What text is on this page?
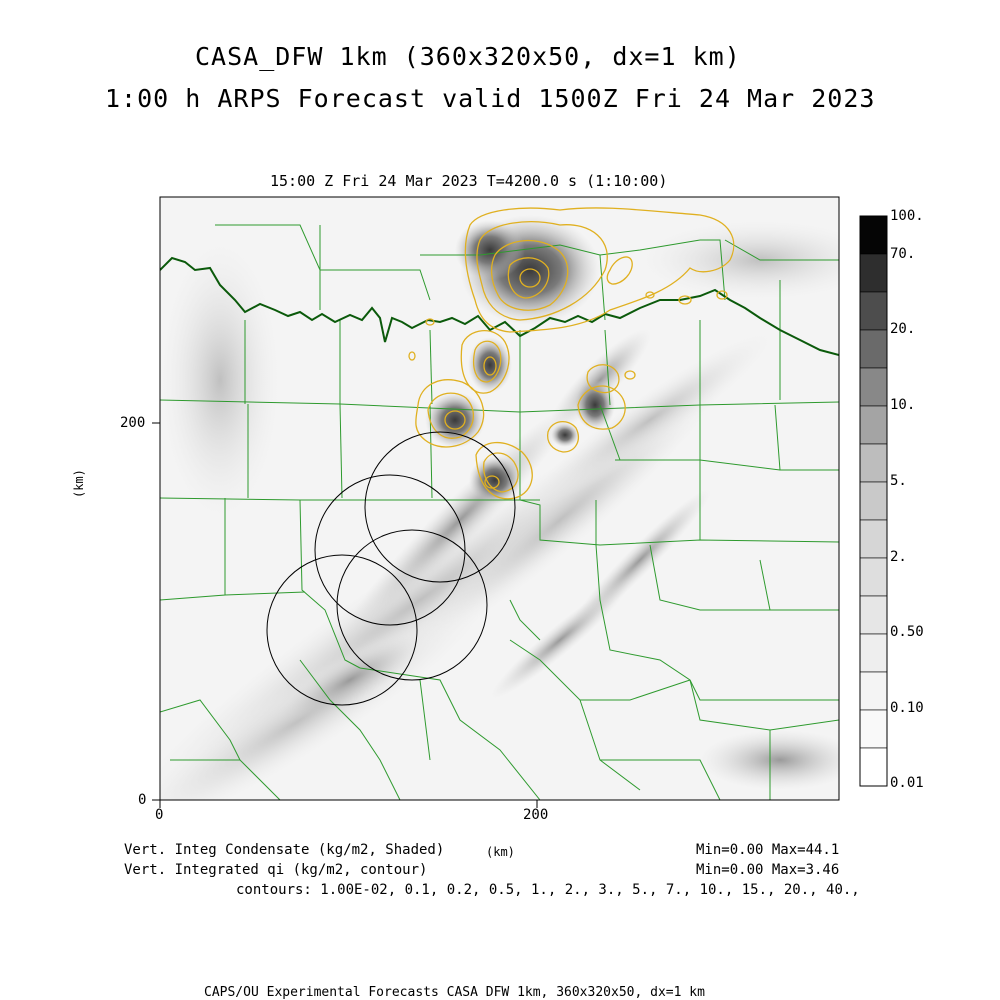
CASA_DFW 1km (360x320x50, dx=1 km)
1:00 h ARPS Forecast valid 1500Z Fri 24 Mar 2023
15:00 Z Fri 24 Mar 2023 T=4200.0 s (1:10:00)
(km)
200
0
0	200
100.
70.
20.
10.
5.
2.
0.50
0.10
0.01
Vert. Integ Condensate (kg/m2, Shaded)	(km)	Min=0.00 Max=44.1
Vert. Integrated qi (kg/m2, contour)	Min=0.00 Max=3.46
contours: 1.00E-02, 0.1, 0.2, 0.5, 1., 2., 3., 5., 7., 10., 15., 20., 40.,
CAPS/OU Experimental Forecasts CASA DFW 1km, 360x320x50, dx=1 km
